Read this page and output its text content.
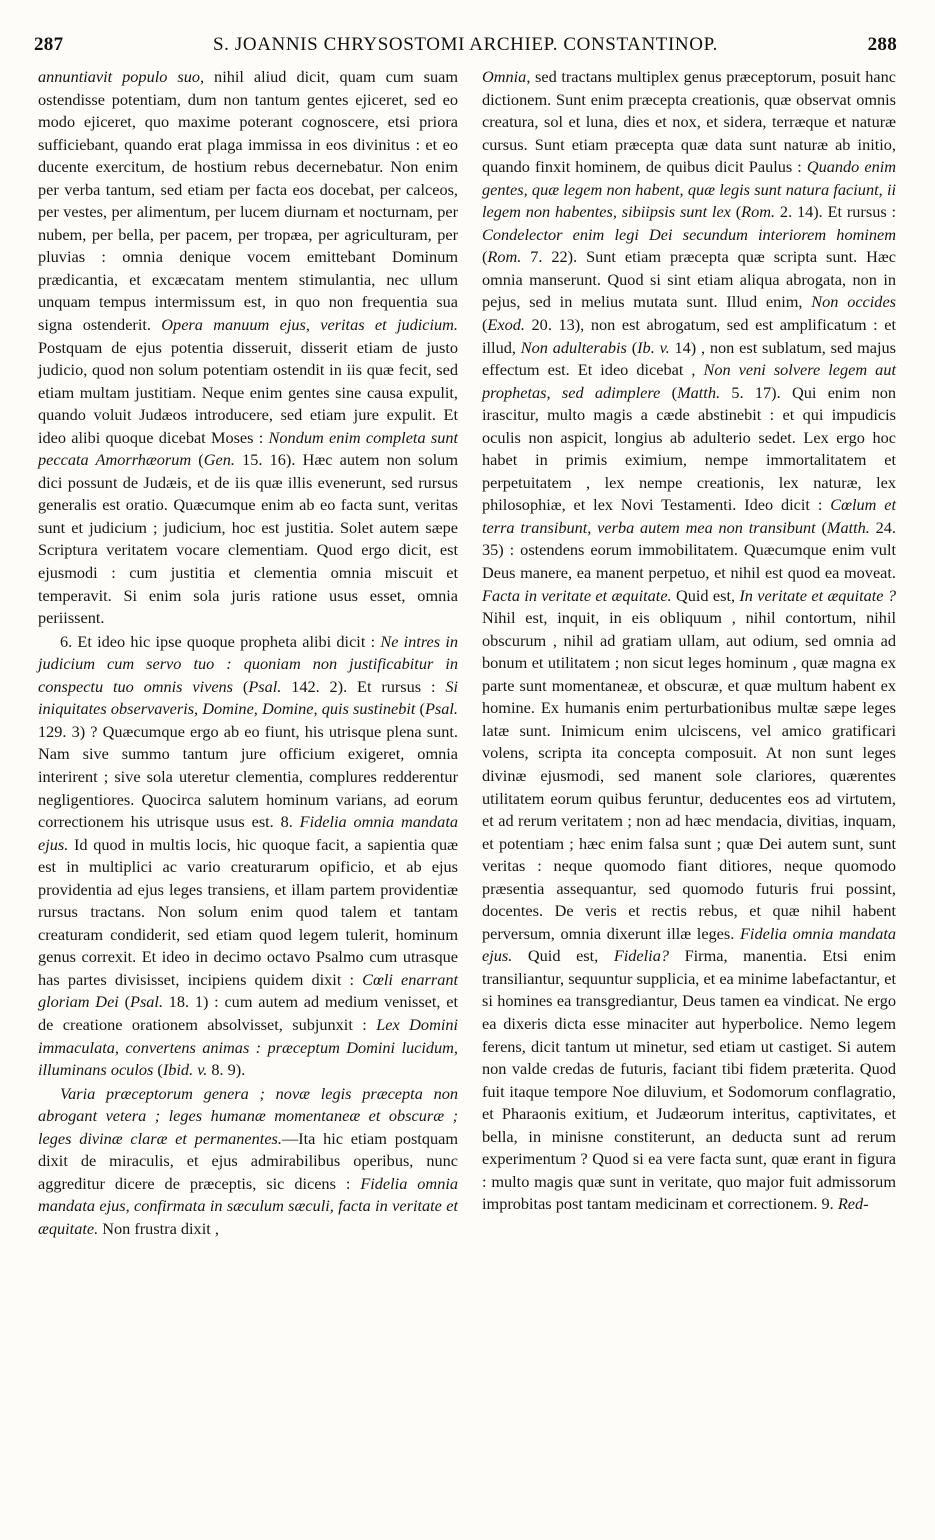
287	S. JOANNIS CHRYSOSTOMI ARCHIEP. CONSTANTINOP.	288

annuntiavit populo suo, nihil aliud dicit, quam cum suam ostendisse potentiam, dum non tantum gentes ejiceret, sed eo modo ejiceret, quo maxime poterant cognoscere, etsi priora sufficiebant, quando erat plaga immissa in eos divinitus : et eo ducente exercitum, de hostium rebus decernebatur. Non enim per verba tantum, sed etiam per facta eos docebat, per calceos, per vestes, per alimentum, per lucem diurnam et nocturnam, per nubem, per bella, per pacem, per tropæa, per agriculturam, per pluvias : omnia denique vocem emittebant Dominum prædicantia, et excæcatam mentem stimulantia, nec ullum unquam tempus intermissum est, in quo non frequentia sua signa ostenderit. Opera manuum ejus, veritas et judicium. Postquam de ejus potentia disseruit, disserit etiam de justo judicio, quod non solum potentiam ostendit in iis quæ fecit, sed etiam multam justitiam. Neque enim gentes sine causa expulit, quando voluit Judæos introducere, sed etiam jure expulit. Et ideo alibi quoque dicebat Moses : Nondum enim completa sunt peccata Amorrhæorum (Gen. 15. 16). Hæc autem non solum dici possunt de Judæis, et de iis quæ illis evenerunt, sed rursus generalis est oratio. Quæcumque enim ab eo facta sunt, veritas sunt et judicium ; judicium, hoc est justitia. Solet autem sæpe Scriptura veritatem vocare clementiam. Quod ergo dicit, est ejusmodi : cum justitia et clementia omnia miscuit et temperavit. Si enim sola juris ratione usus esset, omnia periissent.

6. Et ideo hic ipse quoque propheta alibi dicit : Ne intres in judicium cum servo tuo : quoniam non justificabitur in conspectu tuo omnis vivens (Psal. 142. 2). Et rursus : Si iniquitates observaveris, Domine, Domine, quis sustinebit (Psal. 129. 3) ? Quæcumque ergo ab eo fiunt, his utrisque plena sunt. Nam sive summo tantum jure officium exigeret, omnia interirent ; sive sola uteretur clementia, complures redderentur negligentiores. Quocirca salutem hominum varians, ad eorum correctionem his utrisque usus est. 8. Fidelia omnia mandata ejus. Id quod in multis locis, hic quoque facit, a sapientia quæ est in multiplici ac vario creaturarum opificio, et ab ejus providentia ad ejus leges transiens, et illam partem providentiæ rursus tractans. Non solum enim quod talem et tantam creaturam condiderit, sed etiam quod legem tulerit, hominum genus correxit. Et ideo in decimo octavo Psalmo cum utrasque has partes divisisset, incipiens quidem dixit : Cœli enarrant gloriam Dei (Psal. 18. 1) : cum autem ad medium venisset, et de creatione orationem absolvisset, subjunxit : Lex Domini immaculata, convertens animas : præceptum Domini lucidum, illuminans oculos (Ibid. v. 8. 9).

Varia præceptorum genera ; novæ legis præcepta non abrogant vetera ; leges humanæ momentaneæ et obscuræ ; leges divinæ claræ et permanentes.—Ita hic etiam postquam dixit de miraculis, et ejus admirabilibus operibus, nunc aggreditur dicere de præceptis, sic dicens : Fidelia omnia mandata ejus, confirmata in sæculum sæculi, facta in veritate et æquitate. Non frustra dixit ,

Omnia, sed tractans multiplex genus præceptorum, posuit hanc dictionem. Sunt enim præcepta creationis, quæ observat omnis creatura, sol et luna, dies et nox, et sidera, terræque et naturæ cursus. Sunt etiam præcepta quæ data sunt naturæ ab initio, quando finxit hominem, de quibus dicit Paulus : Quando enim gentes, quæ legem non habent, quæ legis sunt natura faciunt, ii legem non habentes, sibiipsis sunt lex (Rom. 2. 14). Et rursus : Condelector enim legi Dei secundum interiorem hominem (Rom. 7. 22). Sunt etiam præcepta quæ scripta sunt. Hæc omnia manserunt. Quod si sint etiam aliqua abrogata, non in pejus, sed in melius mutata sunt. Illud enim, Non occides (Exod. 20. 13), non est abrogatum, sed est amplificatum : et illud, Non adulterabis (Ib. v. 14) , non est sublatum, sed majus effectum est. Et ideo dicebat , Non veni solvere legem aut prophetas, sed adimplere (Matth. 5. 17). Qui enim non irascitur, multo magis a cæde abstinebit : et qui impudicis oculis non aspicit, longius ab adulterio sedet. Lex ergo hoc habet in primis eximium, nempe immortalitatem et perpetuitatem , lex nempe creationis, lex naturæ, lex philosophiæ, et lex Novi Testamenti. Ideo dicit : Cœlum et terra transibunt, verba autem mea non transibunt (Matth. 24. 35) : ostendens eorum immobilitatem. Quæcumque enim vult Deus manere, ea manent perpetuo, et nihil est quod ea moveat. Facta in veritate et æquitate. Quid est, In veritate et æquitate ? Nihil est, inquit, in eis obliquum , nihil contortum, nihil obscurum , nihil ad gratiam ullam, aut odium, sed omnia ad bonum et utilitatem ; non sicut leges hominum , quæ magna ex parte sunt momentaneæ, et obscuræ, et quæ multum habent ex homine. Ex humanis enim perturbationibus multæ sæpe leges latæ sunt. Inimicum enim ulciscens, vel amico gratificari volens, scripta ita concepta composuit. At non sunt leges divinæ ejusmodi, sed manent sole clariores, quærentes utilitatem eorum quibus feruntur, deducentes eos ad virtutem, et ad rerum veritatem ; non ad hæc mendacia, divitias, inquam, et potentiam ; hæc enim falsa sunt ; quæ Dei autem sunt, sunt veritas : neque quomodo fiant ditiores, neque quomodo præsentia assequantur, sed quomodo futuris frui possint, docentes. De veris et rectis rebus, et quæ nihil habent perversum, omnia dixerunt illæ leges. Fidelia omnia mandata ejus. Quid est, Fidelia? Firma, manentia. Etsi enim transiliantur, sequuntur supplicia, et ea minime labefactantur, et si homines ea transgrediantur, Deus tamen ea vindicat. Ne ergo ea dixeris dicta esse minaciter aut hyperbolice. Nemo legem ferens, dicit tantum ut minetur, sed etiam ut castiget. Si autem non valde credas de futuris, faciant tibi fidem præterita. Quod fuit itaque tempore Noe diluvium, et Sodomorum conflagratio, et Pharaonis exitium, et Judæorum interitus, captivitates, et bella, in minisne constiterunt, an deducta sunt ad rerum experimentum ? Quod si ea vere facta sunt, quæ erant in figura : multo magis quæ sunt in veritate, quo major fuit admissorum improbitas post tantam medicinam et correctionem. 9. Red-
